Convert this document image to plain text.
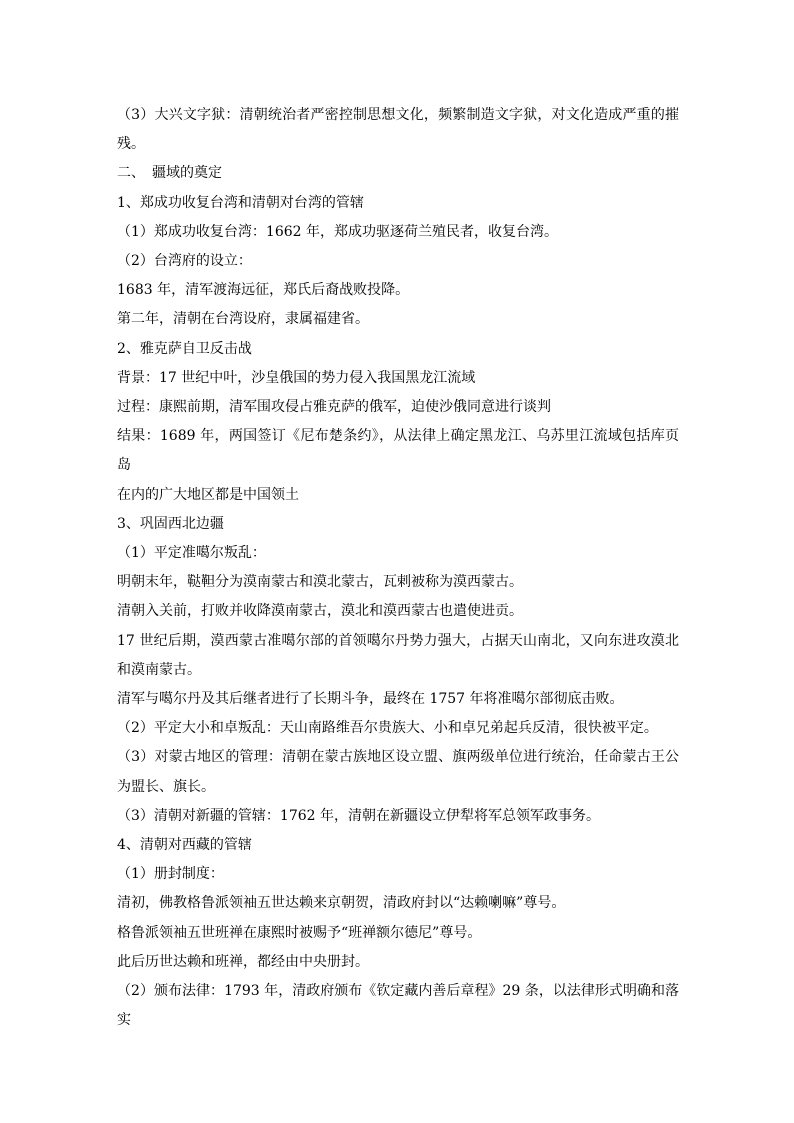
（3）大兴文字狱：清朝统治者严密控制思想文化，频繁制造文字狱，对文化造成严重的摧
残。
二、　疆域的奠定
1、郑成功收复台湾和清朝对台湾的管辖
（1）郑成功收复台湾：1662 年，郑成功驱逐荷兰殖民者，收复台湾。
（2）台湾府的设立：
1683 年，清军渡海远征，郑氏后裔战败投降。
第二年，清朝在台湾设府，隶属福建省。
2、雅克萨自卫反击战
背景：17 世纪中叶，沙皇俄国的势力侵入我国黑龙江流域
过程：康熙前期，清军围攻侵占雅克萨的俄军，迫使沙俄同意进行谈判
结果：1689 年，两国签订《尼布楚条约》，从法律上确定黑龙江、乌苏里江流域包括库页岛
在内的广大地区都是中国领土
3、巩固西北边疆
（1）平定准噶尔叛乱：
明朝末年，鞑靼分为漠南蒙古和漠北蒙古，瓦剌被称为漠西蒙古。
清朝入关前，打败并收降漠南蒙古，漠北和漠西蒙古也遣使进贡。
17 世纪后期，漠西蒙古准噶尔部的首领噶尔丹势力强大，占据天山南北，又向东进攻漠北
和漠南蒙古。
清军与噶尔丹及其后继者进行了长期斗争，最终在 1757 年将准噶尔部彻底击败。
（2）平定大小和卓叛乱：天山南路维吾尔贵族大、小和卓兄弟起兵反清，很快被平定。
（3）对蒙古地区的管理：清朝在蒙古族地区设立盟、旗两级单位进行统治，任命蒙古王公
为盟长、旗长。
（3）清朝对新疆的管辖：1762 年，清朝在新疆设立伊犁将军总领军政事务。
4、清朝对西藏的管辖
（1）册封制度：
清初，佛教格鲁派领袖五世达赖来京朝贺，清政府封以“达赖喇嘛”尊号。
格鲁派领袖五世班禅在康熙时被赐予“班禅额尔德尼”尊号。
此后历世达赖和班禅，都经由中央册封。
（2）颁布法律：1793 年，清政府颁布《钦定藏内善后章程》29 条，以法律形式明确和落实
